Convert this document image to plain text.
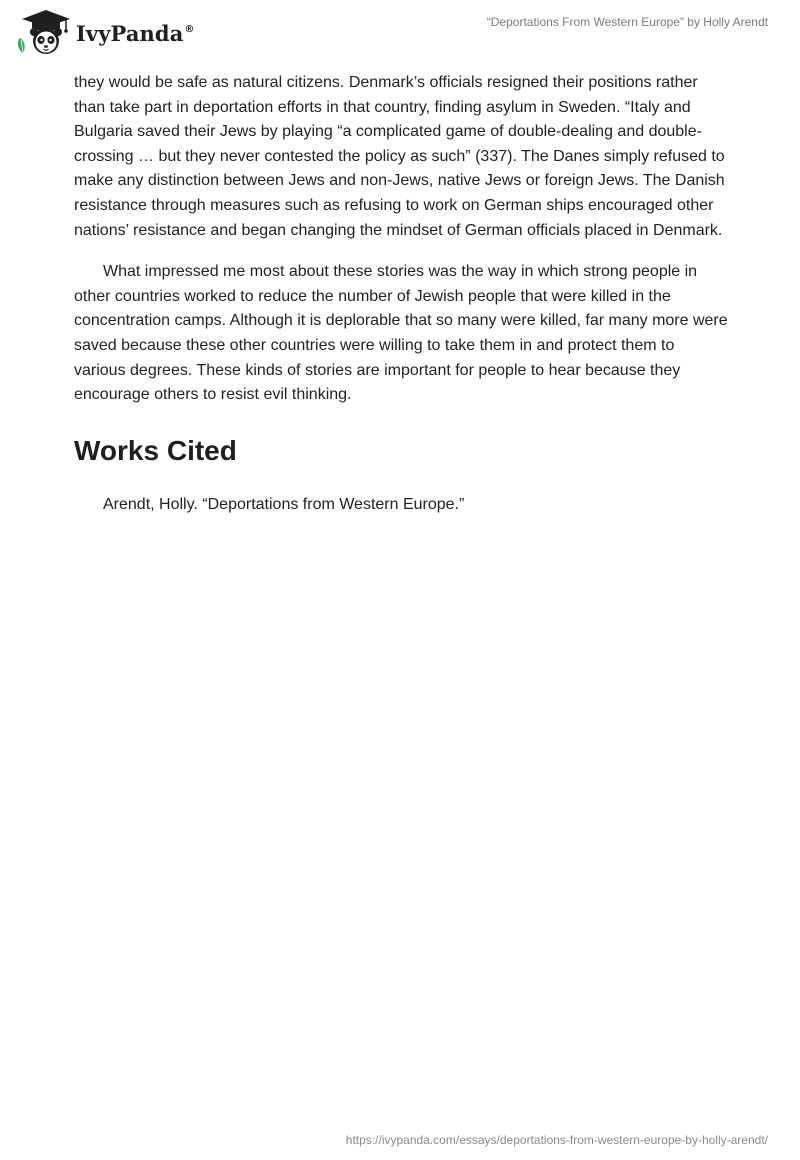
IvyPanda®	“Deportations From Western Europe” by Holly Arendt

they would be safe as natural citizens. Denmark’s officials resigned their positions rather than take part in deportation efforts in that country, finding asylum in Sweden. “Italy and Bulgaria saved their Jews by playing “a complicated game of double-dealing and double-crossing … but they never contested the policy as such” (337). The Danes simply refused to make any distinction between Jews and non-Jews, native Jews or foreign Jews. The Danish resistance through measures such as refusing to work on German ships encouraged other nations’ resistance and began changing the mindset of German officials placed in Denmark.

What impressed me most about these stories was the way in which strong people in other countries worked to reduce the number of Jewish people that were killed in the concentration camps. Although it is deplorable that so many were killed, far many more were saved because these other countries were willing to take them in and protect them to various degrees. These kinds of stories are important for people to hear because they encourage others to resist evil thinking.

Works Cited

Arendt, Holly. “Deportations from Western Europe.”

https://ivypanda.com/essays/deportations-from-western-europe-by-holly-arendt/
